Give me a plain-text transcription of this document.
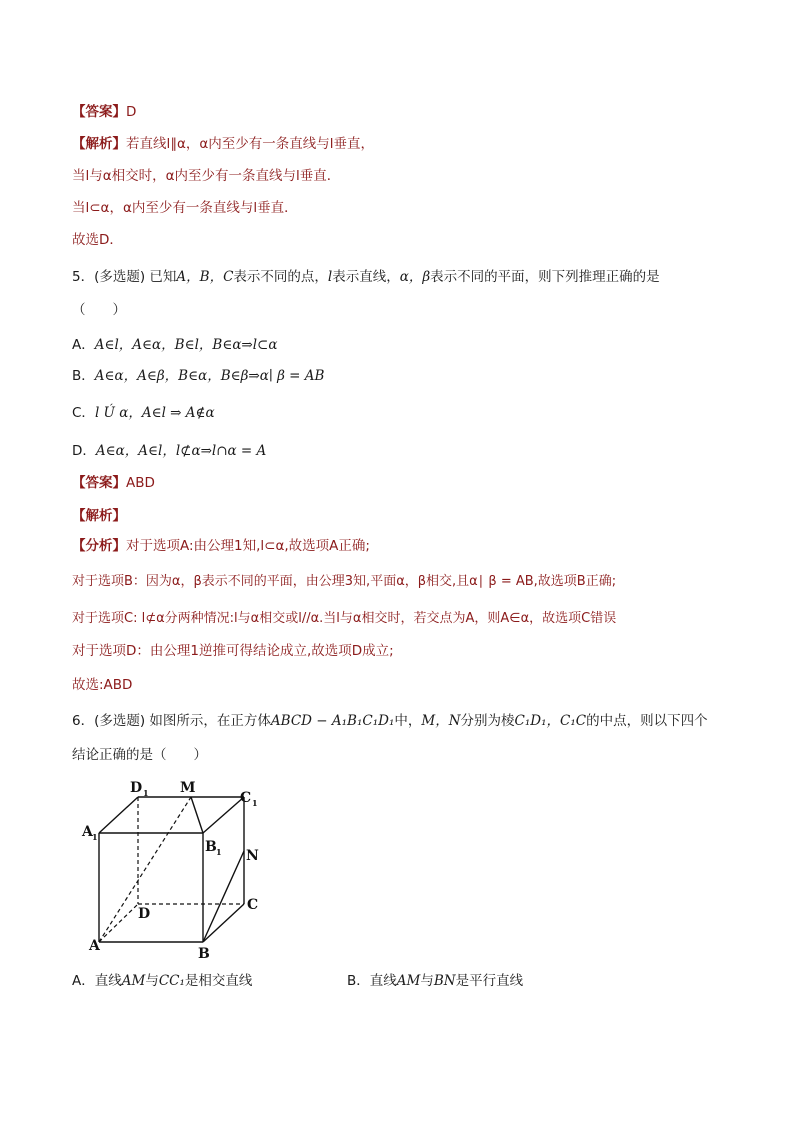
【答案】D
【解析】若直线l∥α，α内至少有一条直线与l垂直，
当l与α相交时，α内至少有一条直线与l垂直．
当l⊂α，α内至少有一条直线与l垂直．
故选D．
5．(多选题) 已知A，B，C表示不同的点，l表示直线，α，β表示不同的平面，则下列推理正确的是
（　　）
A．A∈l，A∈α，B∈l，B∈α⇒l⊂α
B．A∈α，A∈β，B∈α，B∈β⇒α∣ β = AB
C．l Ú α，A∈l ⇒ A∉α
D．A∈α，A∈l，l⊄α⇒l∩α = A
【答案】ABD
【解析】
【分析】对于选项A:由公理1知,l⊂α,故选项A正确;
对于选项B：因为α，β表示不同的平面，由公理3知,平面α，β相交,且α∣ β = AB,故选项B正确;
对于选项C: l⊄α分两种情况:l与α相交或l//α.当l与α相交时，若交点为A，则A∈α，故选项C错误
对于选项D：由公理1逆推可得结论成立,故选项D成立;
故选:ABD
6．(多选题) 如图所示，在正方体ABCD − A₁B₁C₁D₁中，M，N分别为棱C₁D₁，C₁C的中点，则以下四个
结论正确的是（　　）
D 1 M
C 1
A 1
B 1 N
D
C
A	B
A．直线AM与CC₁是相交直线	B．直线AM与BN是平行直线
